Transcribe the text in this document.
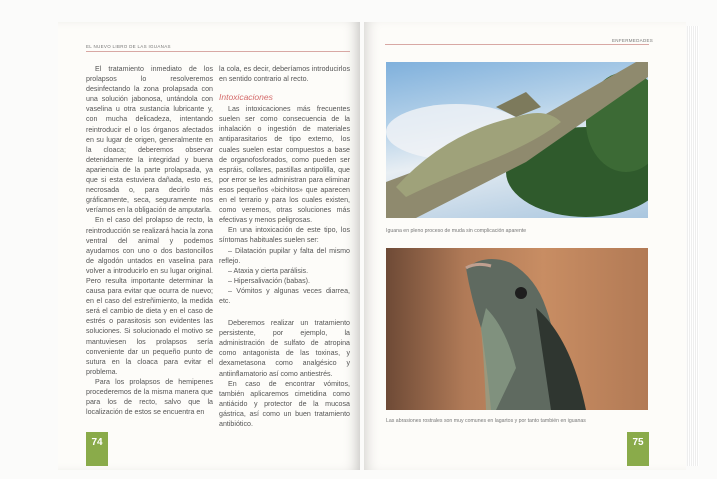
EL NUEVO LIBRO DE LAS IGUANAS

El tratamiento inmediato de los prolapsos lo resolveremos desinfectando la zona prolapsada con una solución jabonosa, untándola con vaselina u otra sustancia lubricante y, con mucha delicadeza, intentando reintroducir el o los órganos afectados en su lugar de origen, generalmente en la cloaca; deberemos observar detenidamente la integridad y buena apariencia de la parte prolapsada, ya que si esta estuviera dañada, esto es, necrosada o, para decirlo más gráficamente, seca, seguramente nos veríamos en la obligación de amputarla.

En el caso del prolapso de recto, la reintroducción se realizará hacia la zona ventral del animal y podemos ayudarnos con uno o dos bastoncillos de algodón untados en vaselina para volver a introducirlo en su lugar original. Pero resulta importante determinar la causa para evitar que ocurra de nuevo; en el caso del estreñimiento, la medida será el cambio de dieta y en el caso de estrés o parasitosis son evidentes las soluciones. Si solucionado el motivo se mantuviesen los prolapsos sería conveniente dar un pequeño punto de sutura en la cloaca para evitar el problema.

Para los prolapsos de hemipenes procederemos de la misma manera que para los de recto, salvo que la localización de estos se encuentra en

la cola, es decir, deberíamos introducirlos en sentido contrario al recto.

Intoxicaciones

Las intoxicaciones más frecuentes suelen ser como consecuencia de la inhalación o ingestión de materiales antiparasitarios de tipo externo, los cuales suelen estar compuestos a base de organofosforados, como pueden ser espráis, collares, pastillas antipolilla, que por error se les administran para eliminar esos pequeños «bichitos» que aparecen en el terrario y para los cuales existen, como veremos, otras soluciones más efectivas y menos peligrosas.

En una intoxicación de este tipo, los síntomas habituales suelen ser:

– Dilatación pupilar y falta del mismo reflejo.

– Ataxia y cierta parálisis.

– Hipersalivación (babas).

– Vómitos y algunas veces diarrea, etc.

Deberemos realizar un tratamiento persistente, por ejemplo, la administración de sulfato de atropina como antagonista de las toxinas, y dexametasona como analgésico y antiinflamatorio así como antiestrés.

En caso de encontrar vómitos, también aplicaremos cimetidina como antiácido y protector de la mucosa gástrica, así como un buen tratamiento antibiótico.

74
ENFERMEDADES
Iguana en pleno proceso de muda sin complicación aparente
Las abrasiones rostrales son muy comunes en lagartos y por tanto también en iguanas
75
